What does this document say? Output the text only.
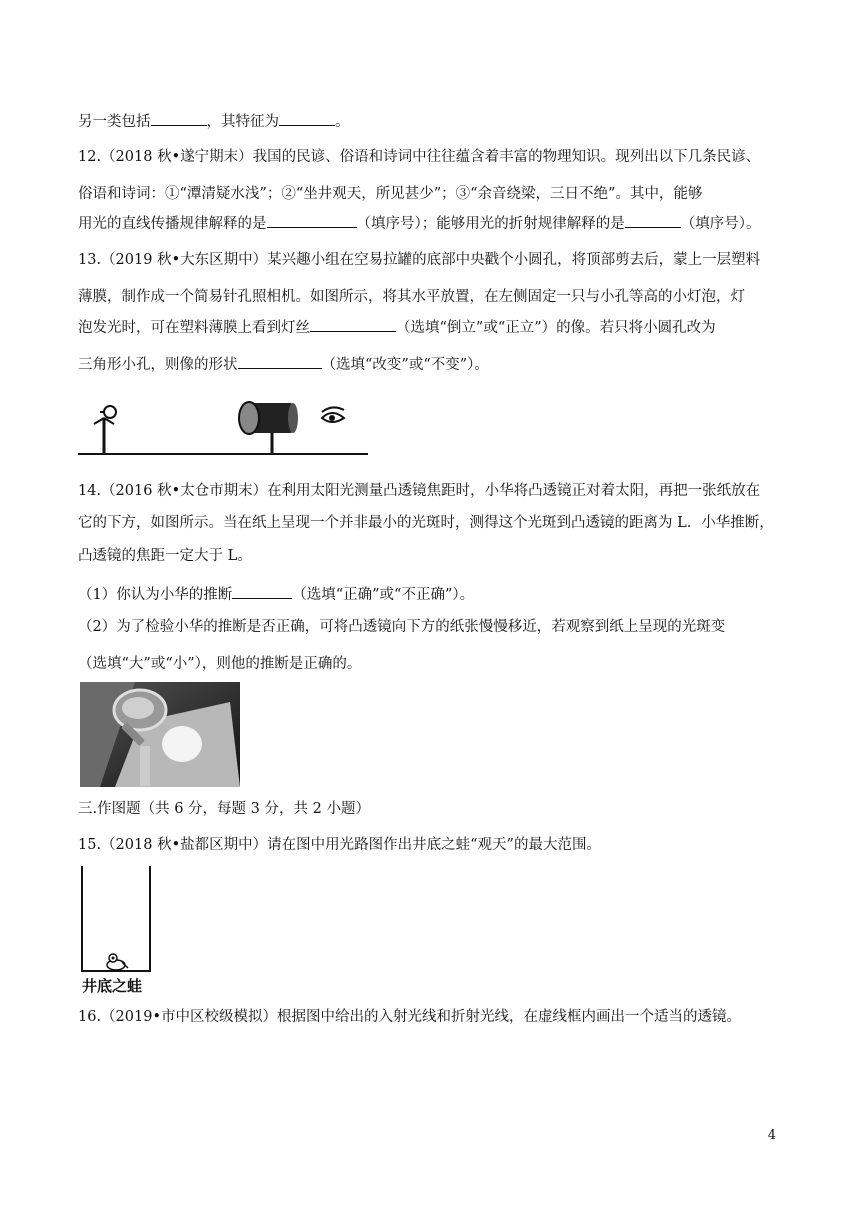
另一类包括	，其特征为	。
12.（2018 秋•遂宁期末）我国的民谚、俗语和诗词中往往蕴含着丰富的物理知识。现列出以下几条民谚、
俗语和诗词：①“潭清疑水浅”；②“坐井观天，所见甚少”；③“余音绕梁，三日不绝”。其中，能够
用光的直线传播规律解释的是	（填序号）；能够用光的折射规律解释的是	（填序号）。
13.（2019 秋•大东区期中）某兴趣小组在空易拉罐的底部中央戳个小圆孔，将顶部剪去后，蒙上一层塑料
薄膜，制作成一个简易针孔照相机。如图所示，将其水平放置，在左侧固定一只与小孔等高的小灯泡，灯
泡发光时，可在塑料薄膜上看到灯丝	（选填“倒立”或“正立”）的像。若只将小圆孔改为
三角形小孔，则像的形状	（选填“改变”或“不变”）。
14.（2016 秋•太仓市期末）在利用太阳光测量凸透镜焦距时，小华将凸透镜正对着太阳，再把一张纸放在
它的下方，如图所示。当在纸上呈现一个并非最小的光斑时，测得这个光斑到凸透镜的距离为 L．小华推断，
凸透镜的焦距一定大于 L。
（1）你认为小华的推断	（选填“正确”或“不正确”）。
（2）为了检验小华的推断是否正确，可将凸透镜向下方的纸张慢慢移近，若观察到纸上呈现的光斑变
（选填“大”或“小”），则他的推断是正确的。
三.作图题（共 6 分，每题 3 分，共 2 小题）
15.（2018 秋•盐都区期中）请在图中用光路图作出井底之蛙“观天”的最大范围。
井底之蛙
16.（2019•市中区校级模拟）根据图中给出的入射光线和折射光线，在虚线框内画出一个适当的透镜。
4
